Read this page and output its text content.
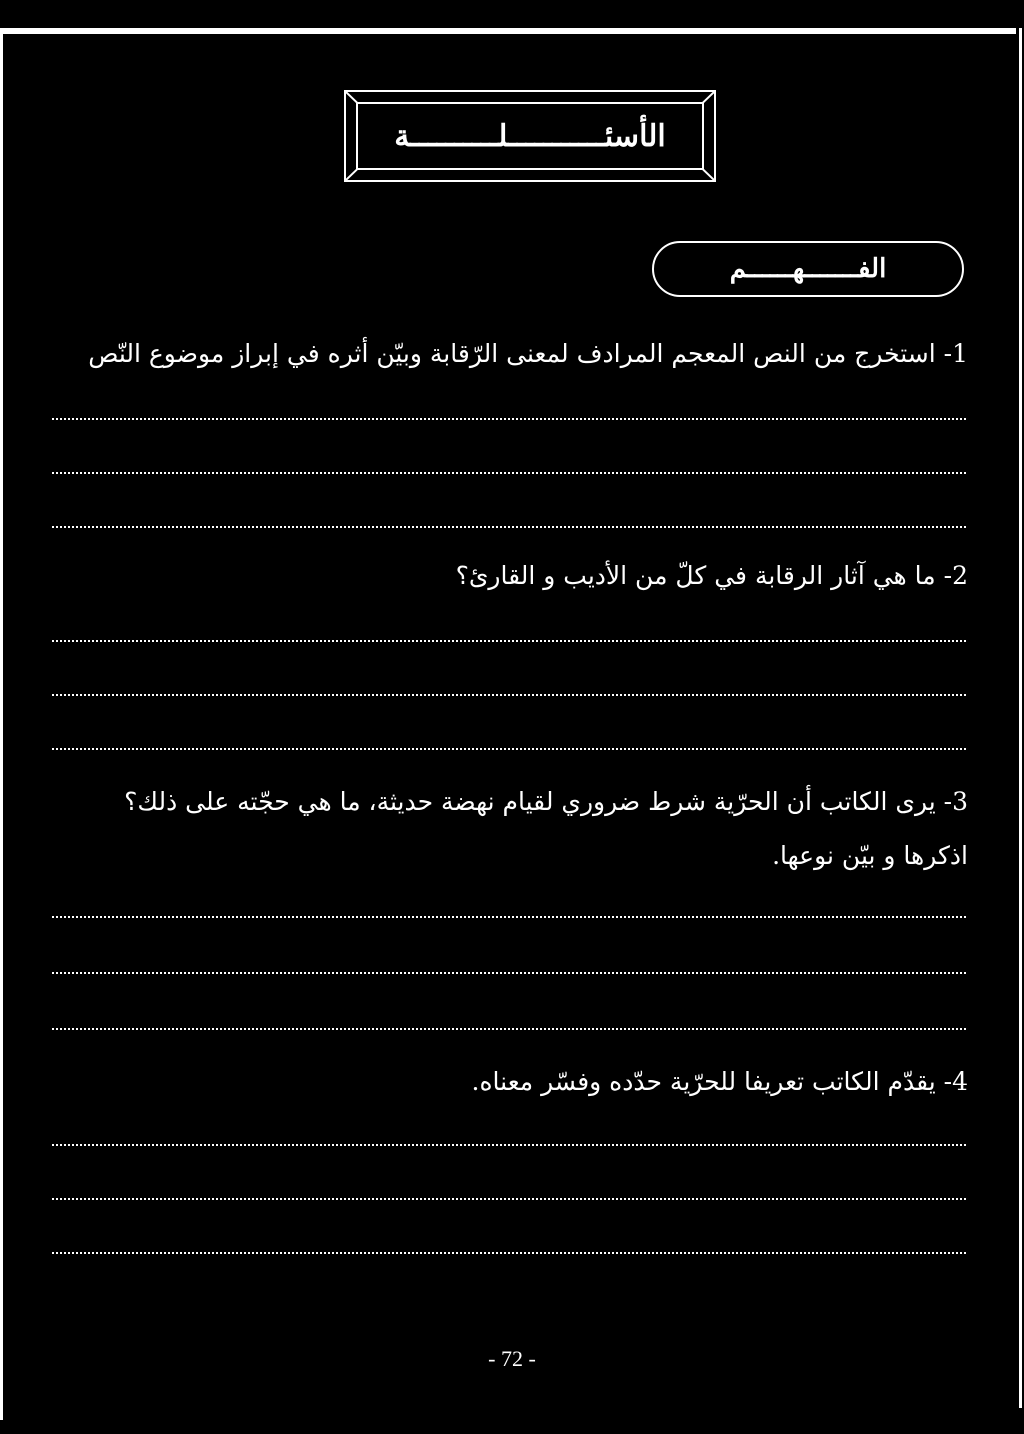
الأسئـــــــــــلــــــــــة
الفـــــــهــــــم
1- استخرج من النص المعجم المرادف لمعنى الرّقابة وبيّن أثره في إبراز موضوع النّص
2- ما هي آثار الرقابة في كلّ من الأديب و القارئ؟
3- يرى الكاتب أن الحرّية شرط ضروري لقيام نهضة حديثة، ما هي حجّته على ذلك؟
اذكرها و بيّن نوعها.
4- يقدّم الكاتب تعريفا للحرّية حدّده وفسّر معناه.
- 72 -
